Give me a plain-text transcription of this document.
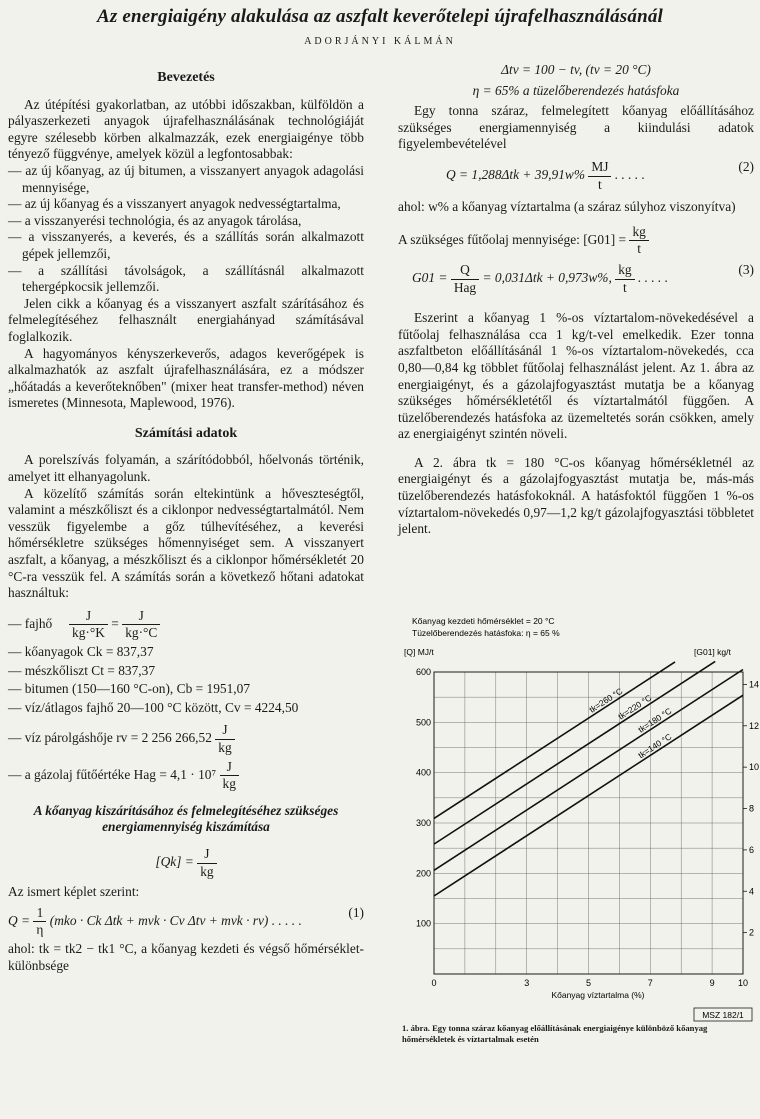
Az energiaigény alakulása az aszfalt keverőtelepi újrafelhasználásánál
ADORJÁNYI KÁLMÁN
Bevezetés

Az útépítési gyakorlatban, az utóbbi időszakban, külföldön a pályaszerkezeti anyagok újrafelhasználásának technológiáját egyre szélesebb körben alkalmazzák, ezek energiaigénye több tényező függvénye, amelyek közül a legfontosabbak:

— az új kőanyag, az új bitumen, a visszanyert anyagok adagolási mennyisége,

— az új kőanyag és a visszanyert anyagok nedvességtartalma,

— a visszanyerési technológia, és az anyagok tárolása,

— a visszanyerés, a keverés, és a szállítás során alkalmazott gépek jellemzői,

— a szállítási távolságok, a szállításnál alkalmazott tehergépkocsik jellemzői.

Jelen cikk a kőanyag és a visszanyert aszfalt szárításához és felmelegítéséhez felhasznált energiahányad számításával foglalkozik.

A hagyományos kényszerkeverős, adagos keverőgépek is alkalmazhatók az aszfalt újrafelhasználására, ez a módszer „hőátadás a keverőteknőben" (mixer heat transfer-method) néven ismeretes (Minnesota, Maplewood, 1976).

Számítási adatok

A porelszívás folyamán, a szárítódobból, hőelvonás történik, amelyet itt elhanyagolunk.

A közelítő számítás során eltekintünk a hőveszteségtől, valamint a mészkőliszt és a ciklonpor nedvességtartalmától. Nem vesszük figyelembe a gőz túlhevítéséhez, a keverési hőmérsékletre szükséges hőmennyiséget sem. A visszanyert aszfalt, a kőanyag, a mészkőliszt és a ciklonpor hőmérsékletét 20 °C-ra vesszük fel. A számítás során a következő hőtani adatokat használtuk:

— fajhő $\frac{J}{kg\cdot^\circ K} = \frac{J}{kg\cdot^\circ C}$
— kőanyagok Ck = 837,37
— mészkőliszt Ct = 837,37
— bitumen (150—160 °C-on), Cb = 1951,07
— víz/átlagos fajhő 20—100 °C között, Cv = 4224,50
— víz párolgáshője rv = 2 256 $266,52 \frac{J}{kg}$
— a gázolaj fűtőértéke Hag = $4,1 \cdot 10^7 \frac{J}{kg}$
A kőanyag kiszárításához és felmelegítéséhez szükséges energiamennyiség kiszámítása
$[Qk] = \frac{J}{kg}$

Az ismert képlet szerint:

$Q = \frac{1}{\eta} (mko \cdot Ck$ Δtk + mvk · Cv Δtv + mvk · rv) . . . . .
(1)

ahol: tk = tk2 − tk1 °C, a kőanyag kezdeti és végső hőmérséklet-különbsége

Δtv = 100 − tv, (tv = 20 °C)
η = 65% a tüzelőberendezés hatásfoka

Egy tonna száraz, felmelegített kőanyag előállításához szükséges energiamennyiség a kiindulási adatok figyelembevételével

$Q = 1,288\Delta tk + 39,91w\% \frac{MJ}{t}$ . . . . .
(2)

ahol: w% a kőanyag víztartalma (a száraz súlyhoz viszonyítva)

A szükséges fűtőolaj mennyisége: $[G01] = \frac{kg}{t}$
$G01 = \frac{Q}{\text{Hag}} = 0,031\Delta tk + 0,973w\%$, $\frac{kg}{t}$ . . . . .
(3)

Eszerint a kőanyag 1 %-os víztartalom-növekedésével a fűtőolaj felhasználása cca 1 kg/t-vel emelkedik. Ezer tonna aszfaltbeton előállításánál 1 %-os víztartalom-növekedés, cca 0,80—0,84 kg többlet fűtőolaj felhasználást jelent. Az 1. ábra az energiaigényt, és a gázolajfogyasztást mutatja be a kőanyag szükséges hőmérsékletétől és víztartalmától függően. A tüzelőberendezés hatásfoka az üzemeltetés során csökken, amely az energiaigényt szintén növeli.

A 2. ábra tk = 180 °C-os kőanyag hőmérsékletnél az energiaigényt és a gázolajfogyasztást mutatja be, más-más tüzelőberendezés hatásfokoknál. A hatásfoktól függően 1 %-os víztartalom-növekedés 0,97—1,2 kg/t gázolajfogyasztási többletet jelent.

Kőanyag kezdeti hőmérséklet = 20 °C
Tüzelőberendezés hatásfoka: η = 65 %
[Q] MJ/t	[G01] kg/t
0	3	5	7	9	10
100
200
300
400
500
600
2
4
6
8
10
12
14
tk=140 °C
tk=180 °C
tk=220 °C
tk=260 °C
Kőanyag víztartalma (%)
MSZ 182/1
1. ábra. Egy tonna száraz kőanyag előállításának energiaigénye különböző kőanyag hőmérsékletek és víztartalmak esetén
